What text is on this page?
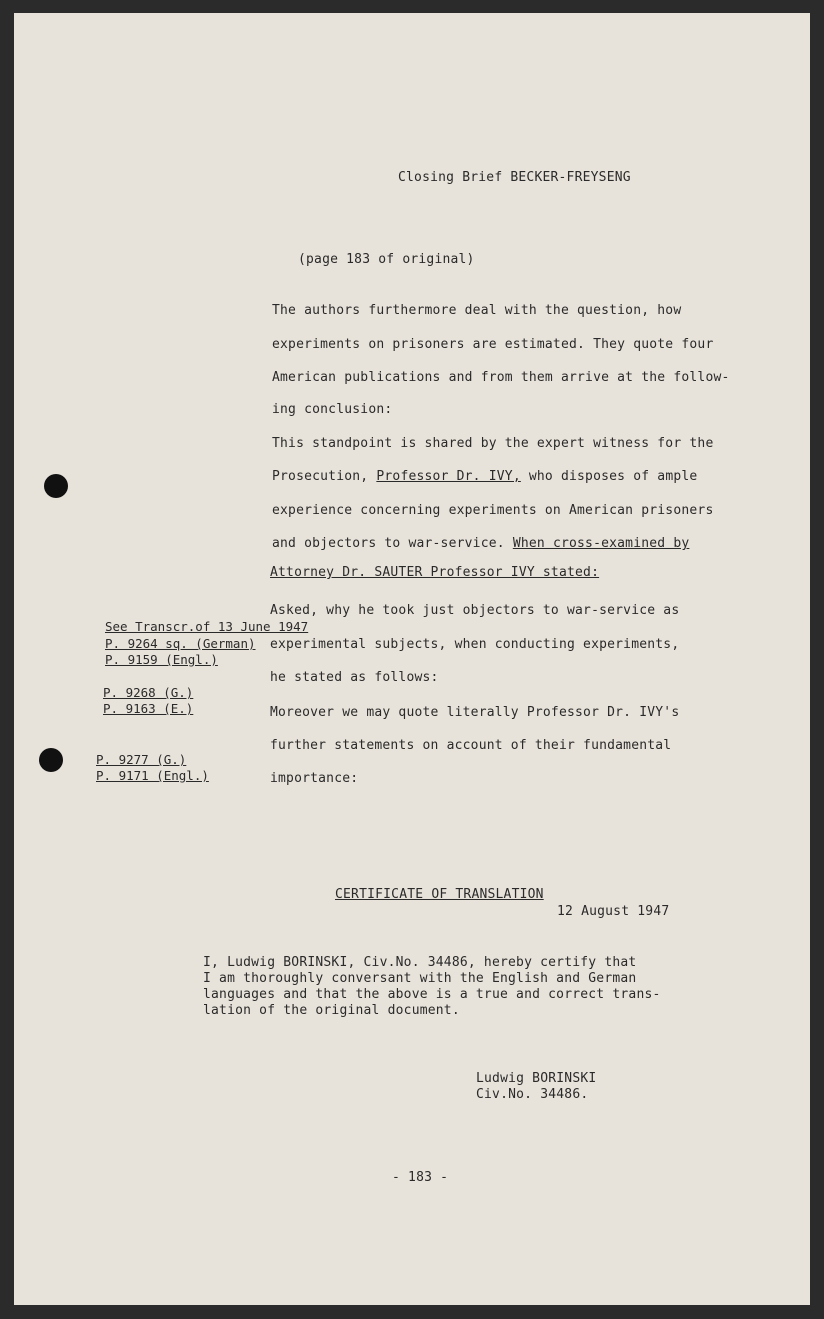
Closing Brief BECKER-FREYSENG
(page 183 of original)
The authors furthermore deal with the question, how
experiments on prisoners are estimated. They quote four
American publications and from them arrive at the follow-
ing conclusion:
This standpoint is shared by the expert witness for the
Prosecution, Professor Dr. IVY, who disposes of ample
experience concerning experiments on American prisoners
and objectors to war-service. When cross-examined by
Attorney Dr. SAUTER Professor IVY stated:
Asked, why he took just objectors to war-service as
experimental subjects, when conducting experiments,
he stated as follows:
Moreover we may quote literally Professor Dr. IVY's
further statements on account of their fundamental
importance:
See Transcr.of 13 June 1947
P. 9264 sq. (German)
P. 9159 (Engl.)
P. 9268 (G.)
P. 9163 (E.)
P. 9277 (G.)
P. 9171 (Engl.)
CERTIFICATE OF TRANSLATION
12 August 1947
I, Ludwig BORINSKI, Civ.No. 34486, hereby certify that
I am thoroughly conversant with the English and German
languages and that the above is a true and correct trans-
lation of the original document.
Ludwig BORINSKI
Civ.No. 34486.
- 183 -
